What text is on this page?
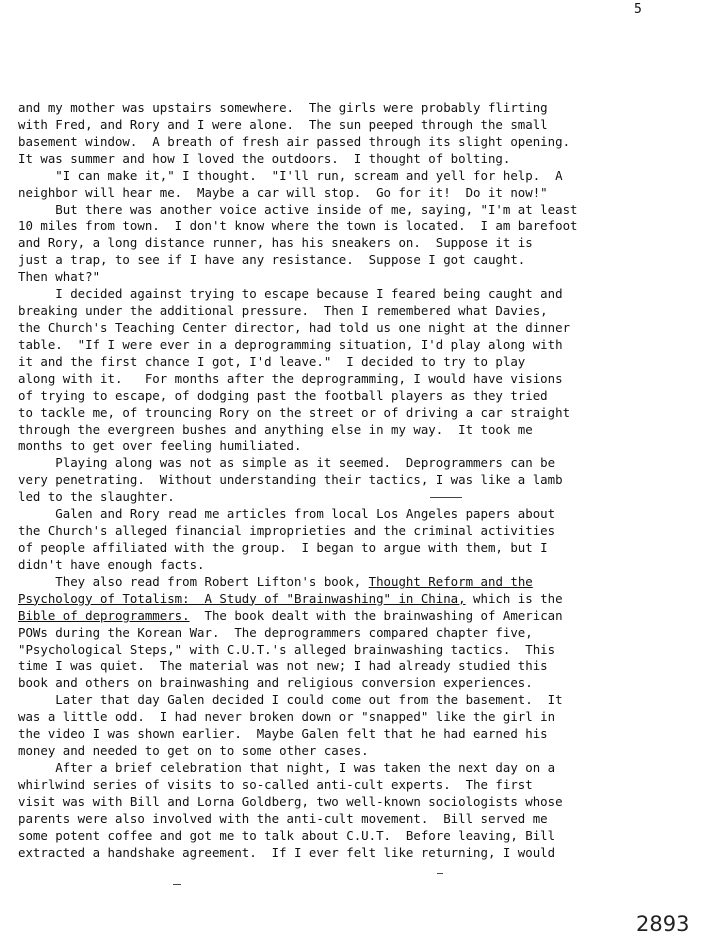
5
and my mother was upstairs somewhere.  The girls were probably flirting
with Fred, and Rory and I were alone.  The sun peeped through the small
basement window.  A breath of fresh air passed through its slight opening.
It was summer and how I loved the outdoors.  I thought of bolting.
"I can make it," I thought.  "I'll run, scream and yell for help.  A
neighbor will hear me.  Maybe a car will stop.  Go for it!  Do it now!"
But there was another voice active inside of me, saying, "I'm at least
10 miles from town.  I don't know where the town is located.  I am barefoot
and Rory, a long distance runner, has his sneakers on.  Suppose it is
just a trap, to see if I have any resistance.  Suppose I got caught.
Then what?"
I decided against trying to escape because I feared being caught and
breaking under the additional pressure.  Then I remembered what Davies,
the Church's Teaching Center director, had told us one night at the dinner
table.  "If I were ever in a deprogramming situation, I'd play along with
it and the first chance I got, I'd leave."  I decided to try to play
along with it.   For months after the deprogramming, I would have visions
of trying to escape, of dodging past the football players as they tried
to tackle me, of trouncing Rory on the street or of driving a car straight
through the evergreen bushes and anything else in my way.  It took me
months to get over feeling humiliated.
Playing along was not as simple as it seemed.  Deprogrammers can be
very penetrating.  Without understanding their tactics, I was like a lamb
led to the slaughter.
Galen and Rory read me articles from local Los Angeles papers about
the Church's alleged financial improprieties and the criminal activities
of people affiliated with the group.  I began to argue with them, but I
didn't have enough facts.
They also read from Robert Lifton's book, Thought Reform and the
Psychology of Totalism:  A Study of "Brainwashing" in China, which is the
Bible of deprogrammers.  The book dealt with the brainwashing of American
POWs during the Korean War.  The deprogrammers compared chapter five,
"Psychological Steps," with C.U.T.'s alleged brainwashing tactics.  This
time I was quiet.  The material was not new; I had already studied this
book and others on brainwashing and religious conversion experiences.
Later that day Galen decided I could come out from the basement.  It
was a little odd.  I had never broken down or "snapped" like the girl in
the video I was shown earlier.  Maybe Galen felt that he had earned his
money and needed to get on to some other cases.
After a brief celebration that night, I was taken the next day on a
whirlwind series of visits to so-called anti-cult experts.  The first
visit was with Bill and Lorna Goldberg, two well-known sociologists whose
parents were also involved with the anti-cult movement.  Bill served me
some potent coffee and got me to talk about C.U.T.  Before leaving, Bill
extracted a handshake agreement.  If I ever felt like returning, I would
2893
